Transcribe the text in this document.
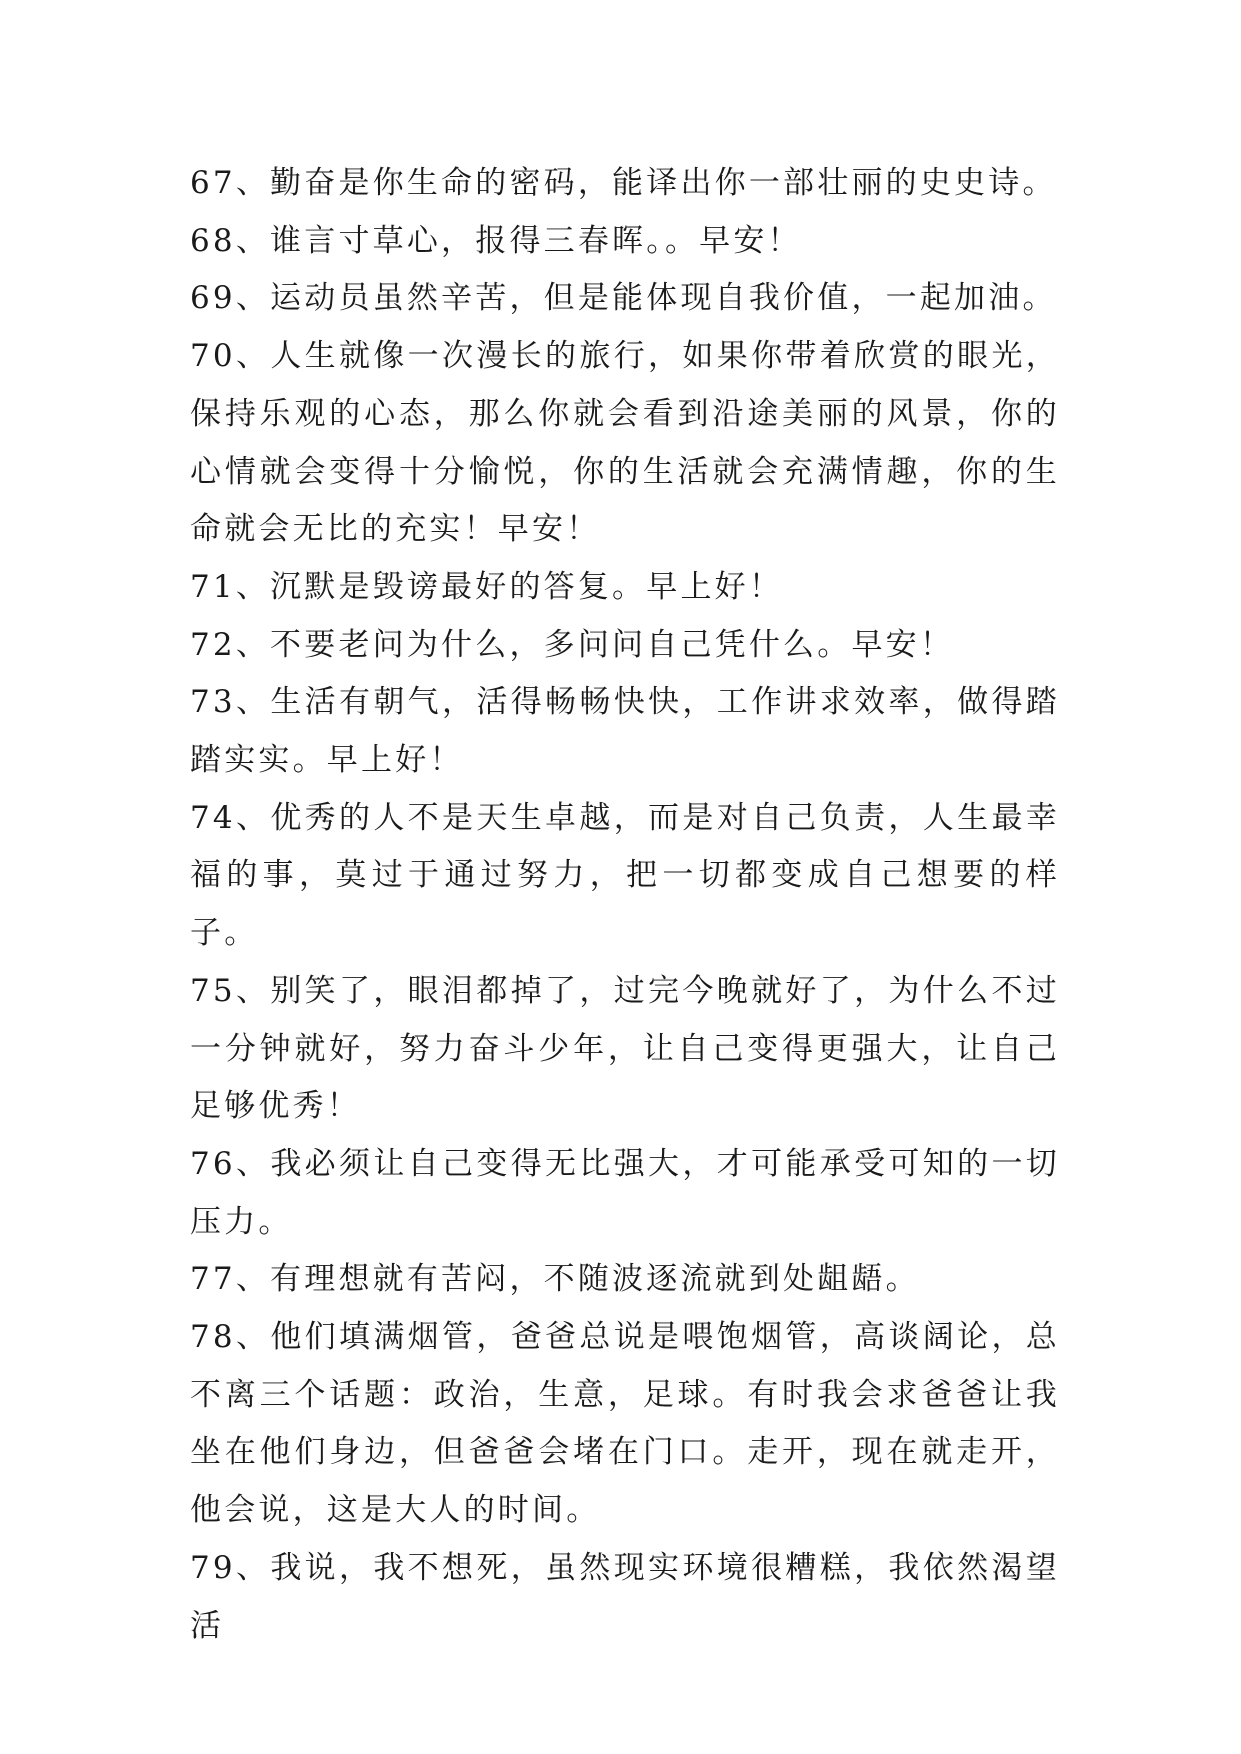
67、勤奋是你生命的密码，能译出你一部壮丽的史史诗。

68、谁言寸草心，报得三春晖。。早安！

69、运动员虽然辛苦，但是能体现自我价值，一起加油。

70、人生就像一次漫长的旅行，如果你带着欣赏的眼光，保持乐观的心态，那么你就会看到沿途美丽的风景，你的心情就会变得十分愉悦，你的生活就会充满情趣，你的生命就会无比的充实！早安！

71、沉默是毁谤最好的答复。早上好！

72、不要老问为什么，多问问自己凭什么。早安！

73、生活有朝气，活得畅畅快快，工作讲求效率，做得踏踏实实。早上好！

74、优秀的人不是天生卓越，而是对自己负责，人生最幸福的事，莫过于通过努力，把一切都变成自己想要的样子。

75、别笑了，眼泪都掉了，过完今晚就好了，为什么不过一分钟就好，努力奋斗少年，让自己变得更强大，让自己足够优秀！

76、我必须让自己变得无比强大，才可能承受可知的一切压力。

77、有理想就有苦闷，不随波逐流就到处龃龉。

78、他们填满烟管，爸爸总说是喂饱烟管，高谈阔论，总不离三个话题：政治，生意，足球。有时我会求爸爸让我坐在他们身边，但爸爸会堵在门口。走开，现在就走开，他会说，这是大人的时间。

79、我说，我不想死，虽然现实环境很糟糕，我依然渴望活
